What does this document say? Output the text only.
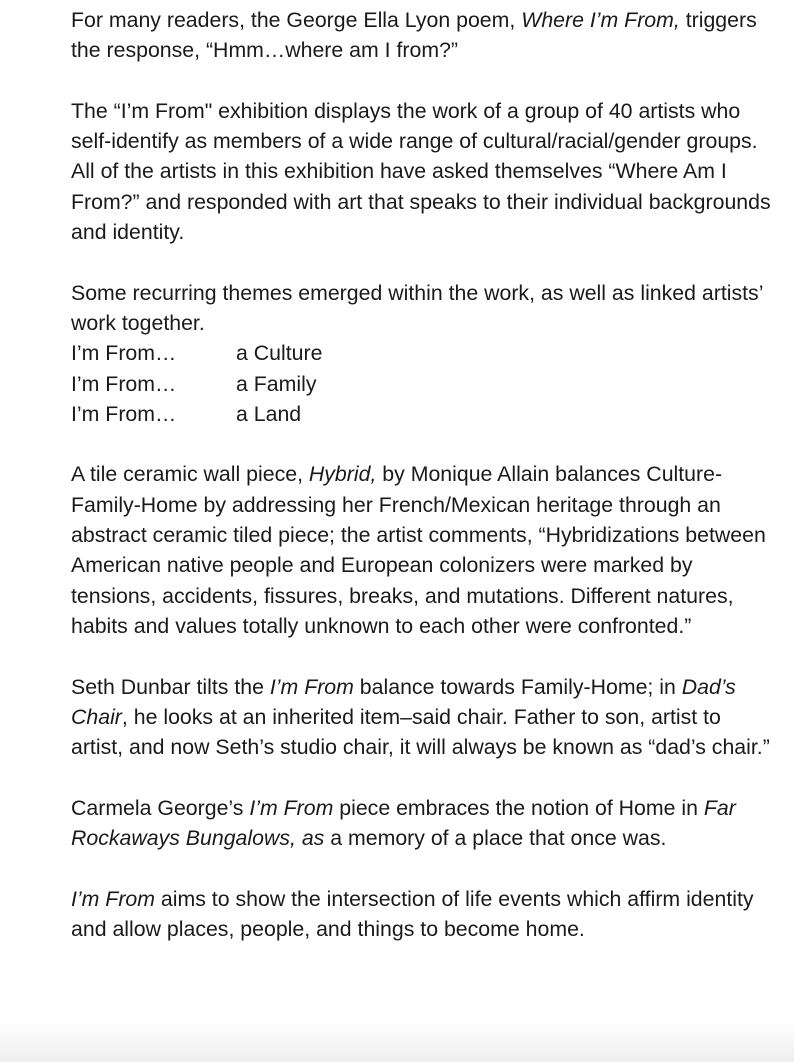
For many readers, the George Ella Lyon poem, Where I’m From, triggers the response, “Hmm…where am I from?”

The “I’m From" exhibition displays the work of a group of 40 artists who self-identify as members of a wide range of cultural/racial/gender groups. All of the artists in this exhibition have asked themselves “Where Am I From?” and responded with art that speaks to their individual backgrounds and identity.

Some recurring themes emerged within the work, as well as linked artists’ work together.
I’m From…	a Culture
I’m From…	a Family
I’m From…	a Land

A tile ceramic wall piece, Hybrid, by Monique Allain balances Culture-Family-Home by addressing her French/Mexican heritage through an abstract ceramic tiled piece; the artist comments, “Hybridizations between American native people and European colonizers were marked by tensions, accidents, fissures, breaks, and mutations. Different natures, habits and values totally unknown to each other were confronted.”

Seth Dunbar tilts the I’m From balance towards Family-Home; in Dad’s Chair, he looks at an inherited item–said chair. Father to son, artist to artist, and now Seth’s studio chair, it will always be known as “dad’s chair.”

Carmela George’s I’m From piece embraces the notion of Home in Far Rockaways Bungalows, as a memory of a place that once was.

I’m From aims to show the intersection of life events which affirm identity and allow places, people, and things to become home.
